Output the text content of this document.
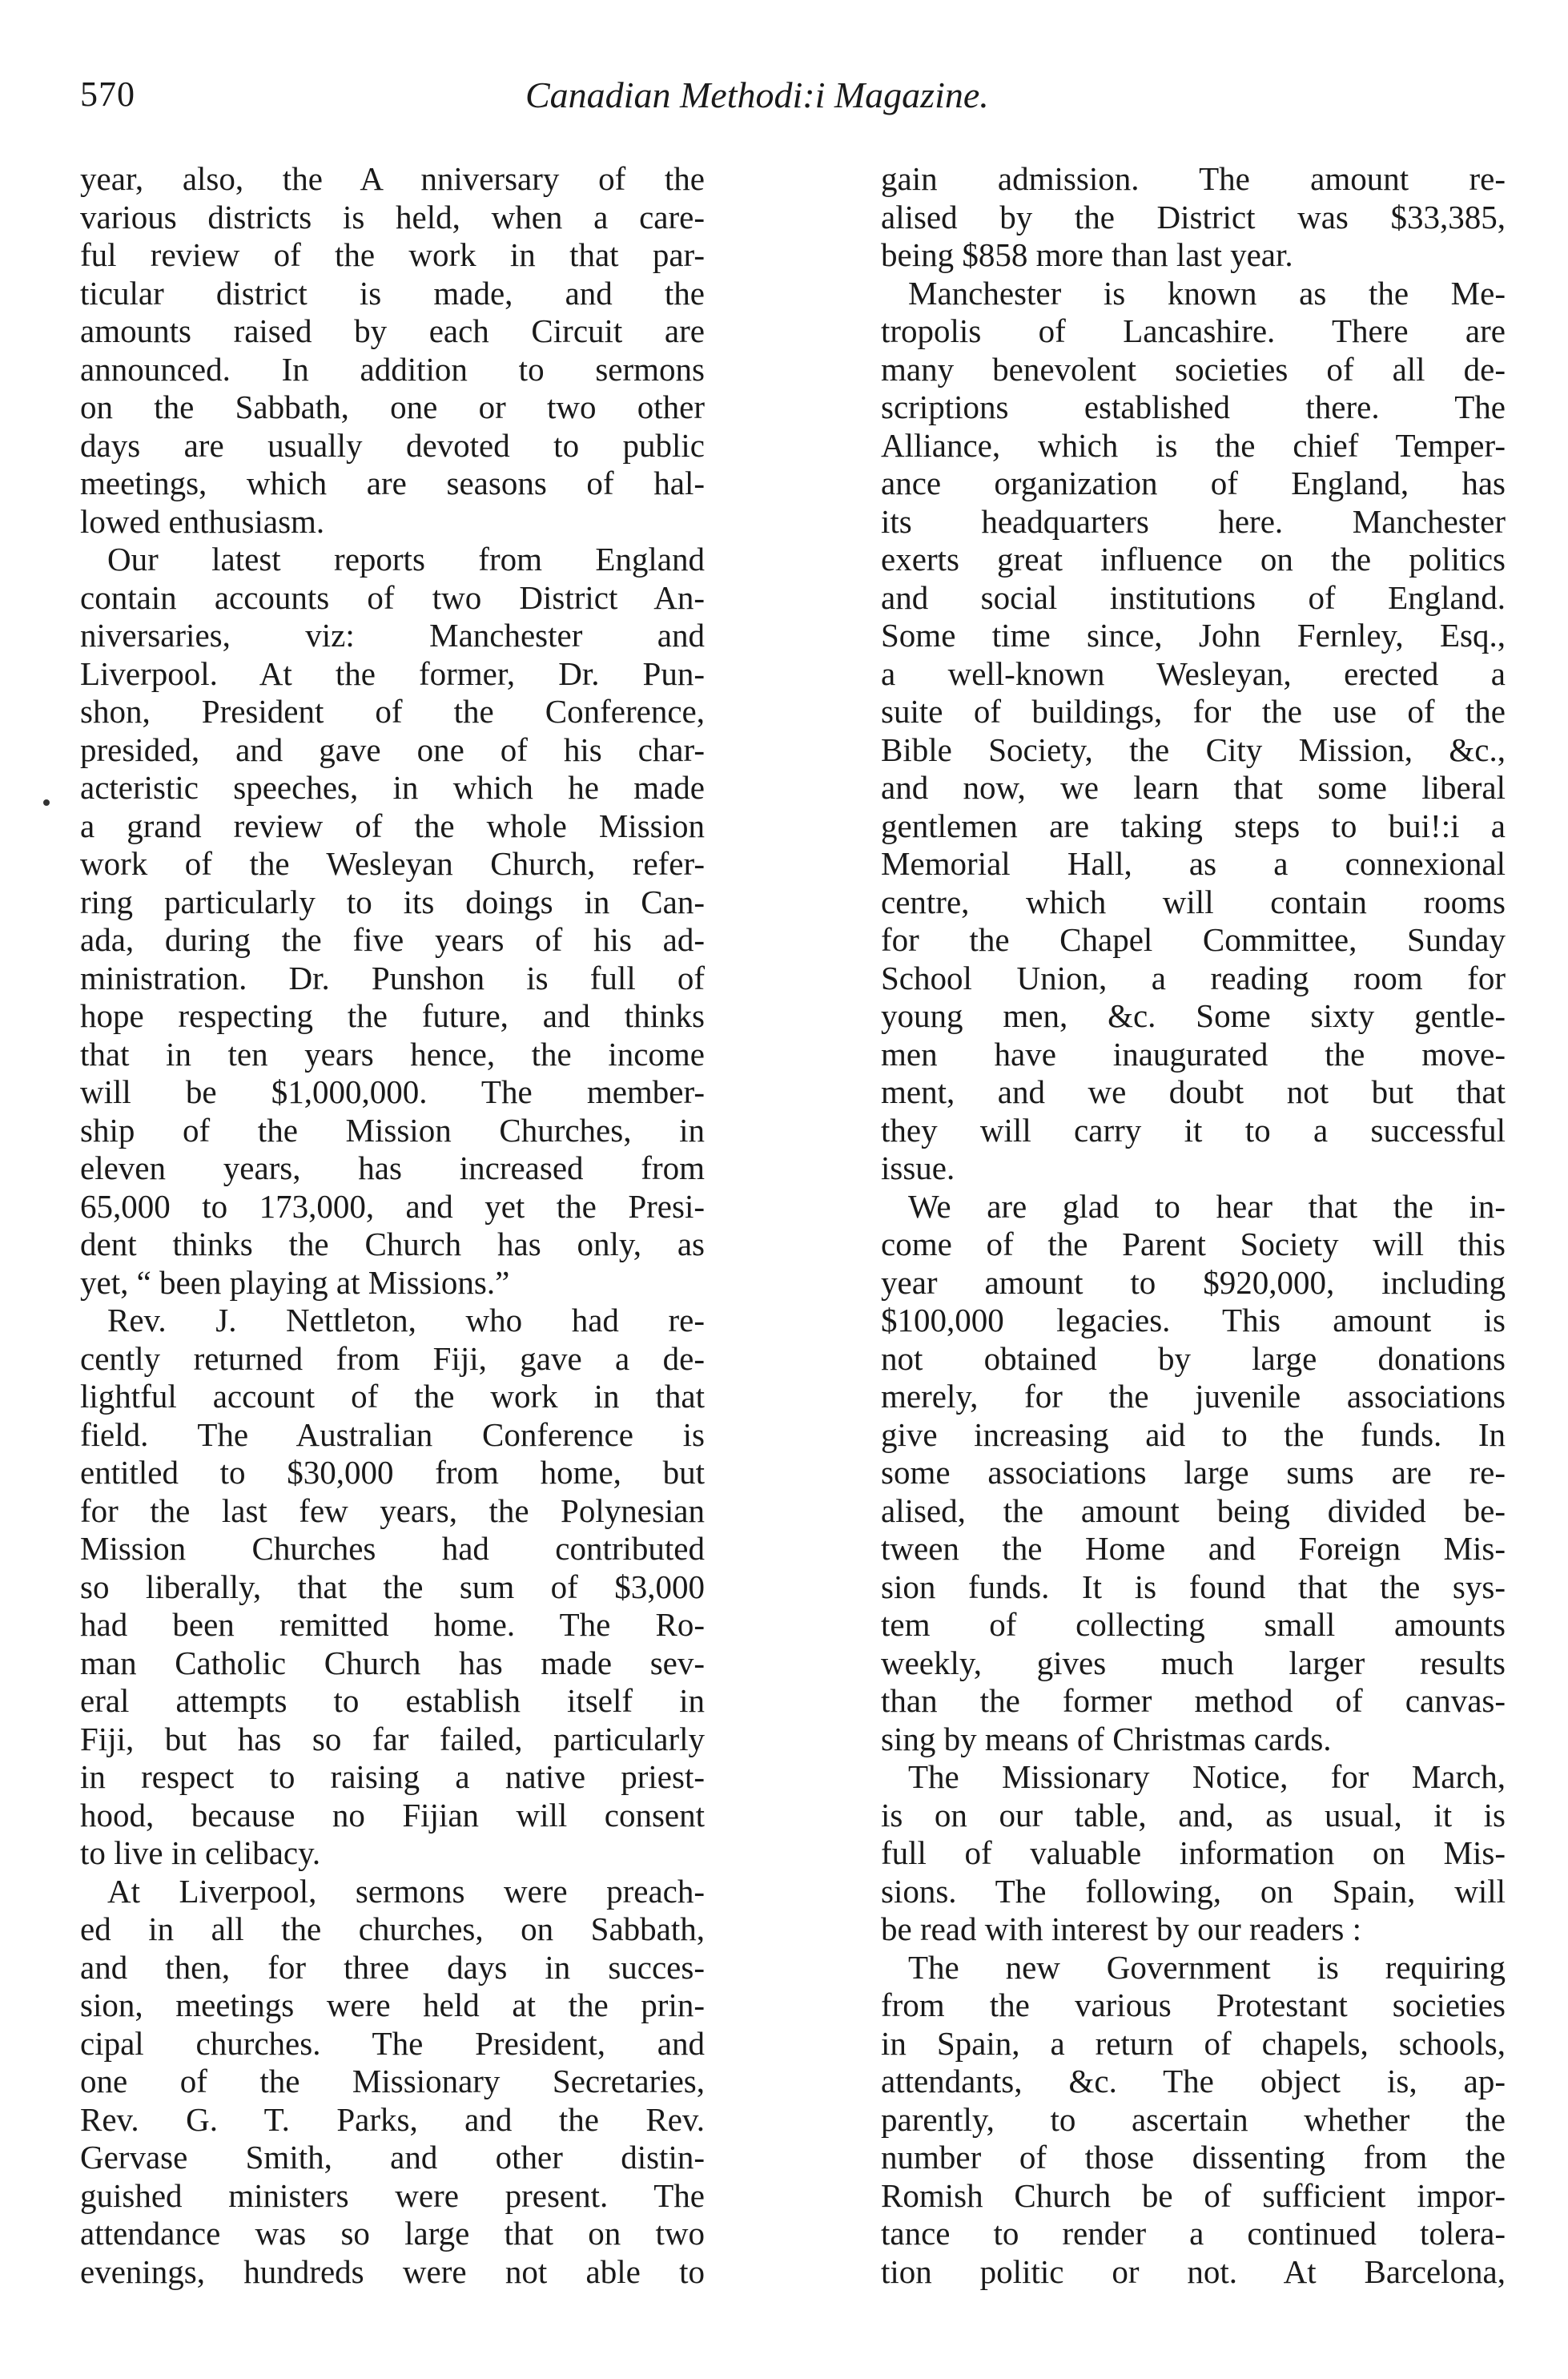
570	Canadian Methodi:i Magazine.
year, also, the A nniversary of the
various districts is held, when a care-
ful review of the work in that par-
ticular district is made, and the
amounts raised by each Circuit are
announced. In addition to sermons
on the Sabbath, one or two other
days are usually devoted to public
meetings, which are seasons of hal-
lowed enthusiasm.
Our latest reports from England
contain accounts of two District An-
niversaries, viz: Manchester and
Liverpool. At the former, Dr. Pun-
shon, President of the Conference,
presided, and gave one of his char-
acteristic speeches, in which he made
a grand review of the whole Mission
work of the Wesleyan Church, refer-
ring particularly to its doings in Can-
ada, during the five years of his ad-
ministration. Dr. Punshon is full of
hope respecting the future, and thinks
that in ten years hence, the income
will be $1,000,000. The member-
ship of the Mission Churches, in
eleven years, has increased from
65,000 to 173,000, and yet the Presi-
dent thinks the Church has only, as
yet, “ been playing at Missions.”
Rev. J. Nettleton, who had re-
cently returned from Fiji, gave a de-
lightful account of the work in that
field. The Australian Conference is
entitled to $30,000 from home, but
for the last few years, the Polynesian
Mission Churches had contributed
so liberally, that the sum of $3,000
had been remitted home. The Ro-
man Catholic Church has made sev-
eral attempts to establish itself in
Fiji, but has so far failed, particularly
in respect to raising a native priest-
hood, because no Fijian will consent
to live in celibacy.
At Liverpool, sermons were preach-
ed in all the churches, on Sabbath,
and then, for three days in succes-
sion, meetings were held at the prin-
cipal churches. The President, and
one of the Missionary Secretaries,
Rev. G. T. Parks, and the Rev.
Gervase Smith, and other distin-
guished ministers were present. The
attendance was so large that on two
evenings, hundreds were not able to
gain admission. The amount re-
alised by the District was $33,385,
being $858 more than last year.
Manchester is known as the Me-
tropolis of Lancashire. There are
many benevolent societies of all de-
scriptions established there. The
Alliance, which is the chief Temper-
ance organization of England, has
its headquarters here. Manchester
exerts great influence on the politics
and social institutions of England.
Some time since, John Fernley, Esq.,
a well-known Wesleyan, erected a
suite of buildings, for the use of the
Bible Society, the City Mission, &c.,
and now, we learn that some liberal
gentlemen are taking steps to bui!:i a
Memorial Hall, as a connexional
centre, which will contain rooms
for the Chapel Committee, Sunday
School Union, a reading room for
young men, &c. Some sixty gentle-
men have inaugurated the move-
ment, and we doubt not but that
they will carry it to a successful
issue.
We are glad to hear that the in-
come of the Parent Society will this
year amount to $920,000, including
$100,000 legacies. This amount is
not obtained by large donations
merely, for the juvenile associations
give increasing aid to the funds. In
some associations large sums are re-
alised, the amount being divided be-
tween the Home and Foreign Mis-
sion funds. It is found that the sys-
tem of collecting small amounts
weekly, gives much larger results
than the former method of canvas-
sing by means of Christmas cards.
The Missionary Notice, for March,
is on our table, and, as usual, it is
full of valuable information on Mis-
sions. The following, on Spain, will
be read with interest by our readers :
The new Government is requiring
from the various Protestant societies
in Spain, a return of chapels, schools,
attendants, &c. The object is, ap-
parently, to ascertain whether the
number of those dissenting from the
Romish Church be of sufficient impor-
tance to render a continued tolera-
tion politic or not. At Barcelona,
